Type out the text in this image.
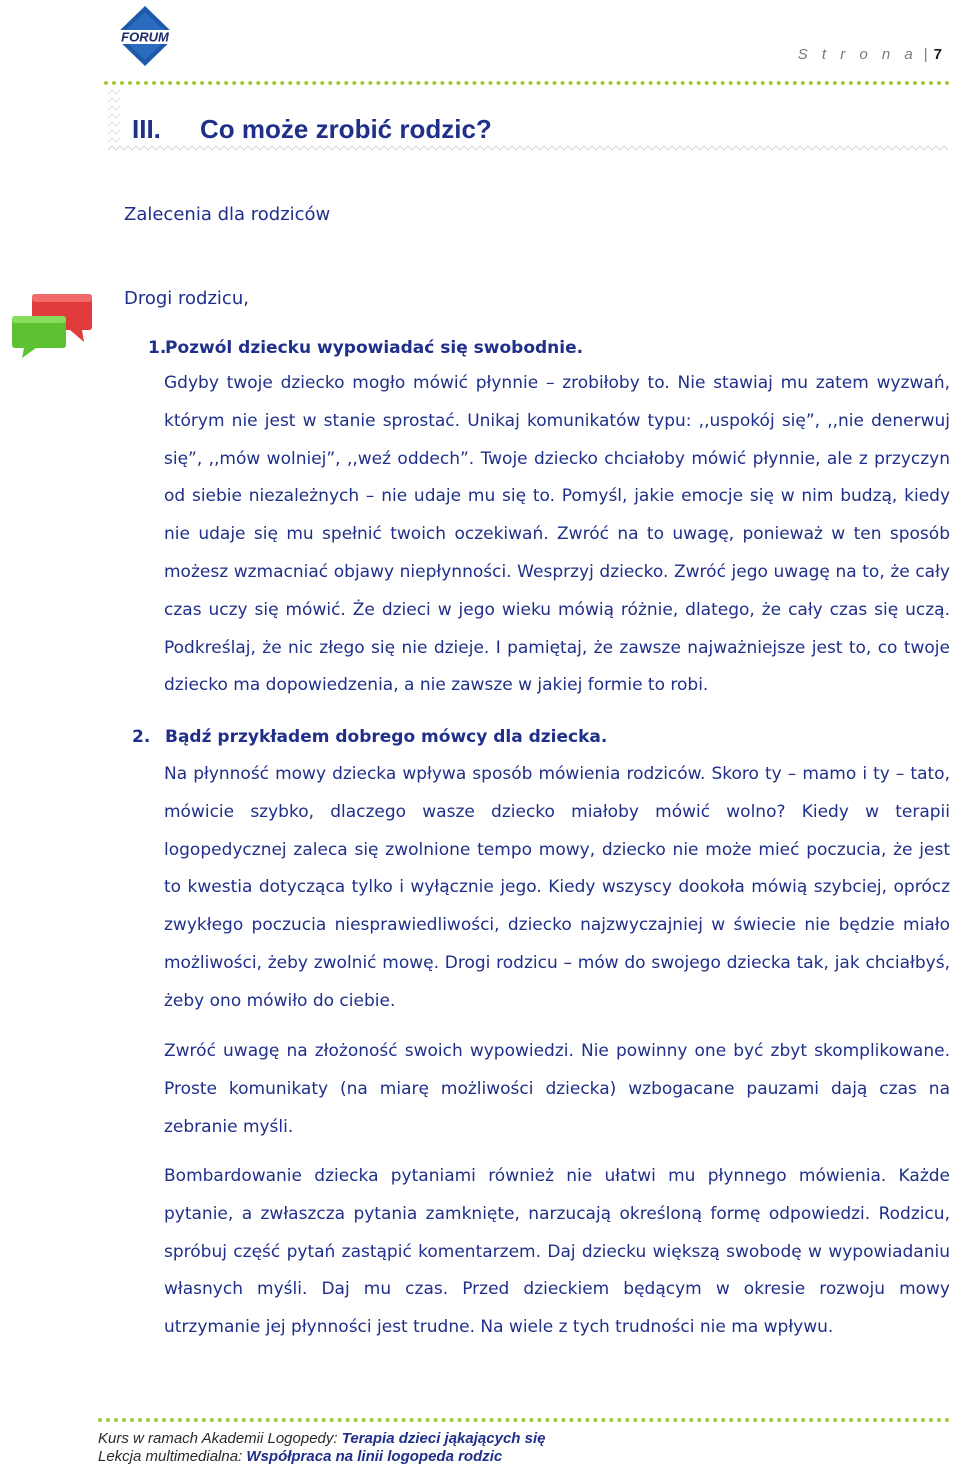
FORUM
S t r o n a | 7
III. Co może zrobić rodzic?
Zalecenia dla rodziców
Drogi rodzicu,
1.Pozwól dziecku wypowiadać się swobodnie.

Gdyby twoje dziecko mogło mówić płynnie – zrobiłoby to. Nie stawiaj mu zatem wyzwań, którym nie jest w stanie sprostać. Unikaj komunikatów typu: ,,uspokój się”, ,,nie denerwuj się”, ,,mów wolniej”, ,,weź oddech”. Twoje dziecko chciałoby mówić płynnie, ale z przyczyn od siebie niezależnych – nie udaje mu się to. Pomyśl, jakie emocje się w nim budzą, kiedy nie udaje się mu spełnić twoich oczekiwań. Zwróć na to uwagę, ponieważ w ten sposób możesz wzmacniać objawy niepłynności. Wesprzyj dziecko. Zwróć jego uwagę na to, że cały czas uczy się mówić. Że dzieci w jego wieku mówią różnie, dlatego, że cały czas się uczą. Podkreślaj, że nic złego się nie dzieje. I pamiętaj, że zawsze najważniejsze jest to, co twoje dziecko ma dopowiedzenia, a nie zawsze w jakiej formie to robi.

2. Bądź przykładem dobrego mówcy dla dziecka.

Na płynność mowy dziecka wpływa sposób mówienia rodziców. Skoro ty – mamo i ty – tato, mówicie szybko, dlaczego wasze dziecko miałoby mówić wolno? Kiedy w terapii logopedycznej zaleca się zwolnione tempo mowy, dziecko nie może mieć poczucia, że jest to kwestia dotycząca tylko i wyłącznie jego. Kiedy wszyscy dookoła mówią szybciej, oprócz zwykłego poczucia niesprawiedliwości, dziecko najzwyczajniej w świecie nie będzie miało możliwości, żeby zwolnić mowę. Drogi rodzicu – mów do swojego dziecka tak, jak chciałbyś, żeby ono mówiło do ciebie.

Zwróć uwagę na złożoność swoich wypowiedzi. Nie powinny one być zbyt skomplikowane. Proste komunikaty (na miarę możliwości dziecka) wzbogacane pauzami dają czas na zebranie myśli.

Bombardowanie dziecka pytaniami również nie ułatwi mu płynnego mówienia. Każde pytanie, a zwłaszcza pytania zamknięte, narzucają określoną formę odpowiedzi. Rodzicu, spróbuj część pytań zastąpić komentarzem. Daj dziecku większą swobodę w wypowiadaniu własnych myśli. Daj mu czas. Przed dzieckiem będącym w okresie rozwoju mowy utrzymanie jej płynności jest trudne. Na wiele z tych trudności nie ma wpływu.

Kurs w ramach Akademii Logopedy: Terapia dzieci jąkających się
Lekcja multimedialna: Współpraca na linii logopeda rodzic
